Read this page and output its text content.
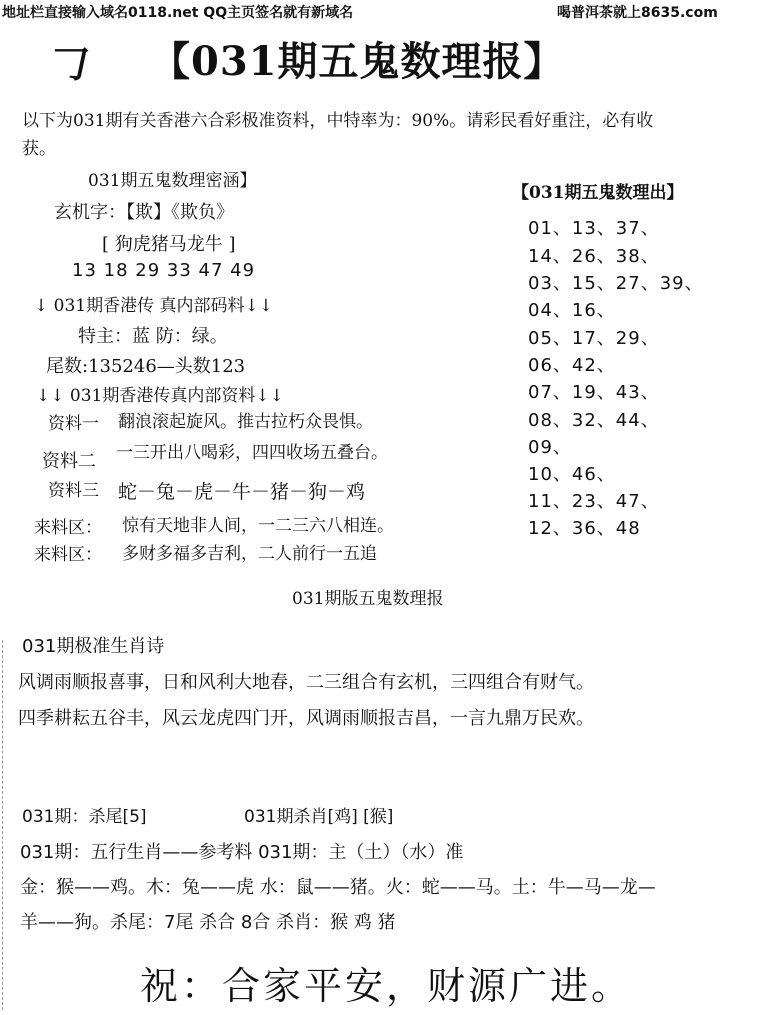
地址栏直接输入域名0118.net QQ主页签名就有新域名	喝普洱茶就上8635.com
𠃌 【031期五鬼数理报】
以下为031期有关香港六合彩极准资料，中特率为：90%。请彩民看好重注，必有收
获。
031期五鬼数理密涵】
玄机字：【欺】《欺负》
[ 狗虎猪马龙牛 ]
13 18 29 33 47 49
↓ 031期香港传 真内部码料↓↓
特主：蓝 防：绿。
尾数:135246—头数123
↓↓ 031期香港传真内部资料↓↓
资料一 翻浪滚起旋风。推古拉朽众畏惧。
资料二 一三开出八喝彩，四四收场五叠台。
资料三 蛇－兔－虎－牛－猪－狗－鸡
来料区： 惊有天地非人间，一二三六八相连。
来料区： 多财多福多吉利，二人前行一五追
【031期五鬼数理出】
01、13、37、
14、26、38、
03、15、27、39、
04、16、
05、17、29、
06、42、
07、19、43、
08、32、44、
09、
10、46、
11、23、47、
12、36、48
031期版五鬼数理报
031期极准生肖诗
风调雨顺报喜事，日和风利大地春，二三组合有玄机，三四组合有财气。
四季耕耘五谷丰，风云龙虎四门开，风调雨顺报吉昌，一言九鼎万民欢。
031期：杀尾[5]	031期杀肖[鸡] [猴]
031期：五行生肖——参考料 031期：主（土）（水）准
金：猴——鸡。木：兔——虎 水：鼠——猪。火：蛇——马。土：牛—马—龙—
羊——狗。杀尾：7尾 杀合 8合 杀肖：猴 鸡 猪
祝：合家平安，财源广进。
